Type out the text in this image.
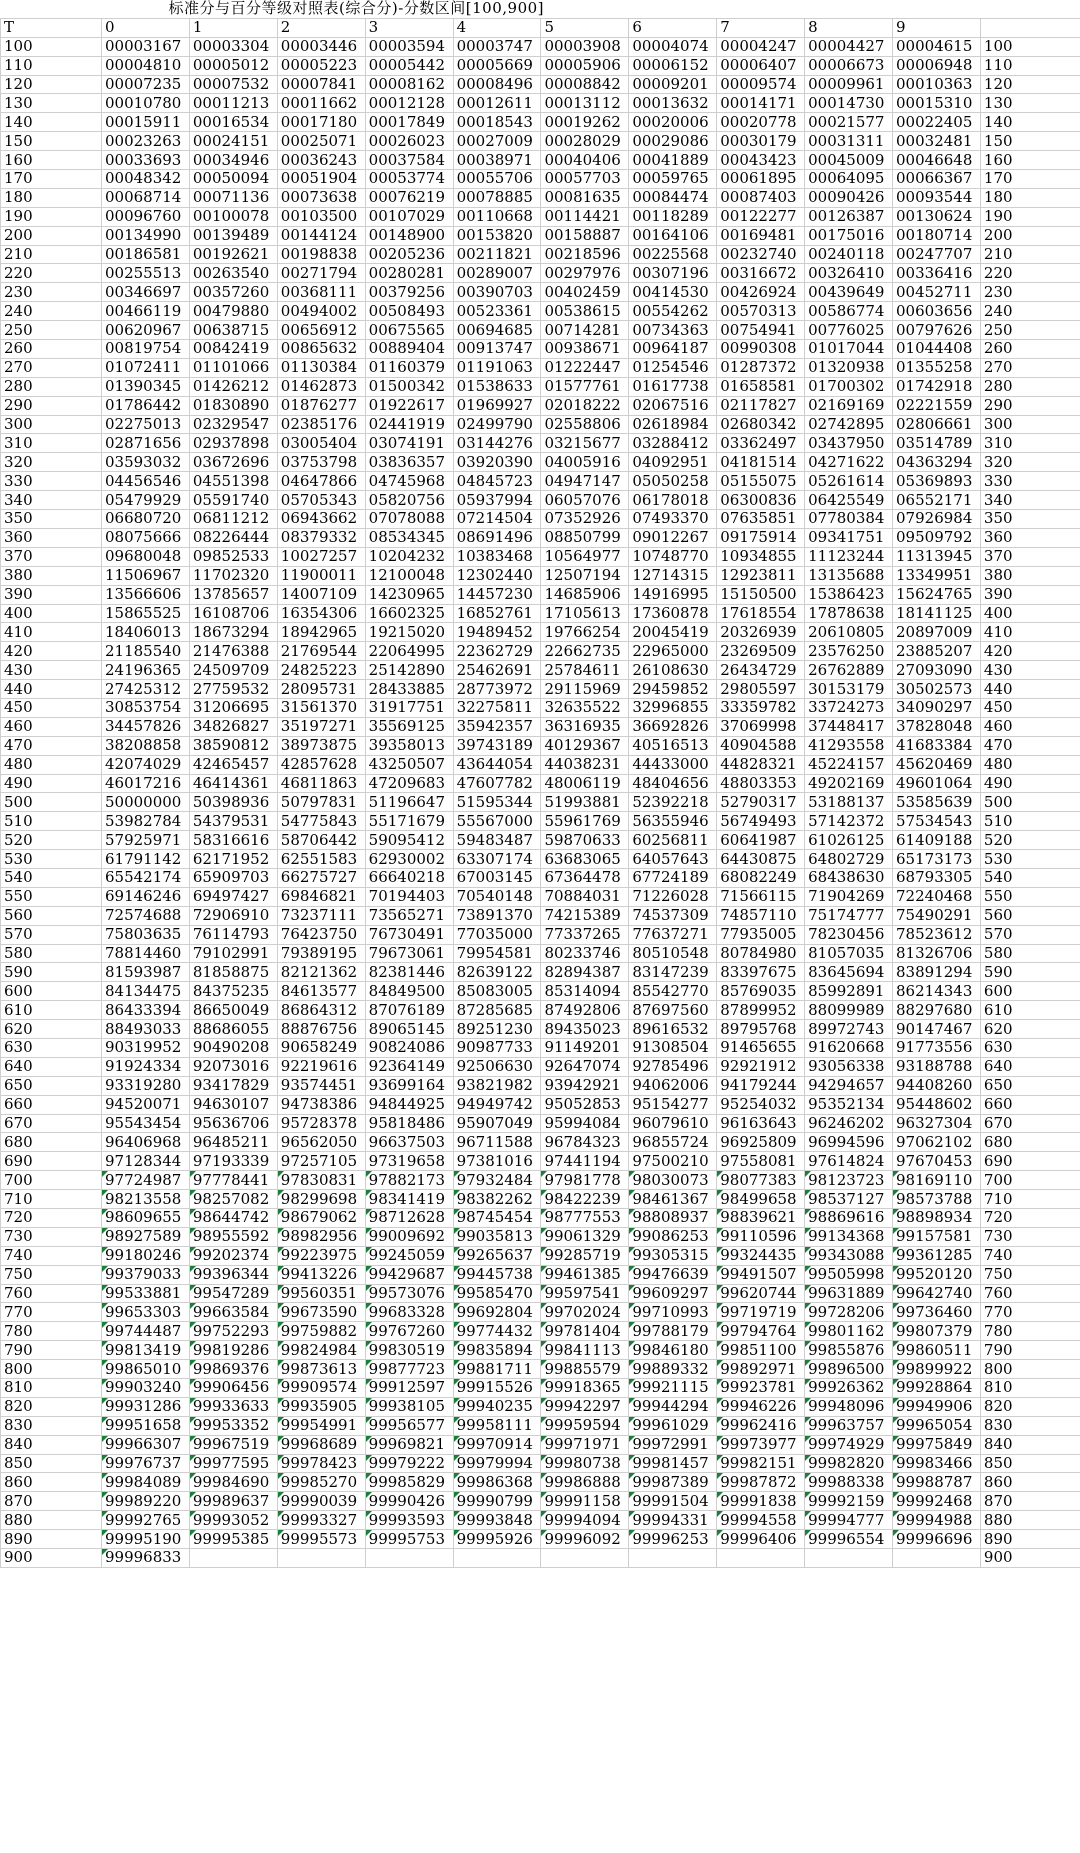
标准分与百分等级对照表(综合分)-分数区间[100,900]											
T	0	1	2	3	4	5	6	7	8	9	
100	00003167	00003304	00003446	00003594	00003747	00003908	00004074	00004247	00004427	00004615	100
110	00004810	00005012	00005223	00005442	00005669	00005906	00006152	00006407	00006673	00006948	110
120	00007235	00007532	00007841	00008162	00008496	00008842	00009201	00009574	00009961	00010363	120
130	00010780	00011213	00011662	00012128	00012611	00013112	00013632	00014171	00014730	00015310	130
140	00015911	00016534	00017180	00017849	00018543	00019262	00020006	00020778	00021577	00022405	140
150	00023263	00024151	00025071	00026023	00027009	00028029	00029086	00030179	00031311	00032481	150
160	00033693	00034946	00036243	00037584	00038971	00040406	00041889	00043423	00045009	00046648	160
170	00048342	00050094	00051904	00053774	00055706	00057703	00059765	00061895	00064095	00066367	170
180	00068714	00071136	00073638	00076219	00078885	00081635	00084474	00087403	00090426	00093544	180
190	00096760	00100078	00103500	00107029	00110668	00114421	00118289	00122277	00126387	00130624	190
200	00134990	00139489	00144124	00148900	00153820	00158887	00164106	00169481	00175016	00180714	200
210	00186581	00192621	00198838	00205236	00211821	00218596	00225568	00232740	00240118	00247707	210
220	00255513	00263540	00271794	00280281	00289007	00297976	00307196	00316672	00326410	00336416	220
230	00346697	00357260	00368111	00379256	00390703	00402459	00414530	00426924	00439649	00452711	230
240	00466119	00479880	00494002	00508493	00523361	00538615	00554262	00570313	00586774	00603656	240
250	00620967	00638715	00656912	00675565	00694685	00714281	00734363	00754941	00776025	00797626	250
260	00819754	00842419	00865632	00889404	00913747	00938671	00964187	00990308	01017044	01044408	260
270	01072411	01101066	01130384	01160379	01191063	01222447	01254546	01287372	01320938	01355258	270
280	01390345	01426212	01462873	01500342	01538633	01577761	01617738	01658581	01700302	01742918	280
290	01786442	01830890	01876277	01922617	01969927	02018222	02067516	02117827	02169169	02221559	290
300	02275013	02329547	02385176	02441919	02499790	02558806	02618984	02680342	02742895	02806661	300
310	02871656	02937898	03005404	03074191	03144276	03215677	03288412	03362497	03437950	03514789	310
320	03593032	03672696	03753798	03836357	03920390	04005916	04092951	04181514	04271622	04363294	320
330	04456546	04551398	04647866	04745968	04845723	04947147	05050258	05155075	05261614	05369893	330
340	05479929	05591740	05705343	05820756	05937994	06057076	06178018	06300836	06425549	06552171	340
350	06680720	06811212	06943662	07078088	07214504	07352926	07493370	07635851	07780384	07926984	350
360	08075666	08226444	08379332	08534345	08691496	08850799	09012267	09175914	09341751	09509792	360
370	09680048	09852533	10027257	10204232	10383468	10564977	10748770	10934855	11123244	11313945	370
380	11506967	11702320	11900011	12100048	12302440	12507194	12714315	12923811	13135688	13349951	380
390	13566606	13785657	14007109	14230965	14457230	14685906	14916995	15150500	15386423	15624765	390
400	15865525	16108706	16354306	16602325	16852761	17105613	17360878	17618554	17878638	18141125	400
410	18406013	18673294	18942965	19215020	19489452	19766254	20045419	20326939	20610805	20897009	410
420	21185540	21476388	21769544	22064995	22362729	22662735	22965000	23269509	23576250	23885207	420
430	24196365	24509709	24825223	25142890	25462691	25784611	26108630	26434729	26762889	27093090	430
440	27425312	27759532	28095731	28433885	28773972	29115969	29459852	29805597	30153179	30502573	440
450	30853754	31206695	31561370	31917751	32275811	32635522	32996855	33359782	33724273	34090297	450
460	34457826	34826827	35197271	35569125	35942357	36316935	36692826	37069998	37448417	37828048	460
470	38208858	38590812	38973875	39358013	39743189	40129367	40516513	40904588	41293558	41683384	470
480	42074029	42465457	42857628	43250507	43644054	44038231	44433000	44828321	45224157	45620469	480
490	46017216	46414361	46811863	47209683	47607782	48006119	48404656	48803353	49202169	49601064	490
500	50000000	50398936	50797831	51196647	51595344	51993881	52392218	52790317	53188137	53585639	500
510	53982784	54379531	54775843	55171679	55567000	55961769	56355946	56749493	57142372	57534543	510
520	57925971	58316616	58706442	59095412	59483487	59870633	60256811	60641987	61026125	61409188	520
530	61791142	62171952	62551583	62930002	63307174	63683065	64057643	64430875	64802729	65173173	530
540	65542174	65909703	66275727	66640218	67003145	67364478	67724189	68082249	68438630	68793305	540
550	69146246	69497427	69846821	70194403	70540148	70884031	71226028	71566115	71904269	72240468	550
560	72574688	72906910	73237111	73565271	73891370	74215389	74537309	74857110	75174777	75490291	560
570	75803635	76114793	76423750	76730491	77035000	77337265	77637271	77935005	78230456	78523612	570
580	78814460	79102991	79389195	79673061	79954581	80233746	80510548	80784980	81057035	81326706	580
590	81593987	81858875	82121362	82381446	82639122	82894387	83147239	83397675	83645694	83891294	590
600	84134475	84375235	84613577	84849500	85083005	85314094	85542770	85769035	85992891	86214343	600
610	86433394	86650049	86864312	87076189	87285685	87492806	87697560	87899952	88099989	88297680	610
620	88493033	88686055	88876756	89065145	89251230	89435023	89616532	89795768	89972743	90147467	620
630	90319952	90490208	90658249	90824086	90987733	91149201	91308504	91465655	91620668	91773556	630
640	91924334	92073016	92219616	92364149	92506630	92647074	92785496	92921912	93056338	93188788	640
650	93319280	93417829	93574451	93699164	93821982	93942921	94062006	94179244	94294657	94408260	650
660	94520071	94630107	94738386	94844925	94949742	95052853	95154277	95254032	95352134	95448602	660
670	95543454	95636706	95728378	95818486	95907049	95994084	96079610	96163643	96246202	96327304	670
680	96406968	96485211	96562050	96637503	96711588	96784323	96855724	96925809	96994596	97062102	680
690	97128344	97193339	97257105	97319658	97381016	97441194	97500210	97558081	97614824	97670453	690
700	97724987	97778441	97830831	97882173	97932484	97981778	98030073	98077383	98123723	98169110	700
710	98213558	98257082	98299698	98341419	98382262	98422239	98461367	98499658	98537127	98573788	710
720	98609655	98644742	98679062	98712628	98745454	98777553	98808937	98839621	98869616	98898934	720
730	98927589	98955592	98982956	99009692	99035813	99061329	99086253	99110596	99134368	99157581	730
740	99180246	99202374	99223975	99245059	99265637	99285719	99305315	99324435	99343088	99361285	740
750	99379033	99396344	99413226	99429687	99445738	99461385	99476639	99491507	99505998	99520120	750
760	99533881	99547289	99560351	99573076	99585470	99597541	99609297	99620744	99631889	99642740	760
770	99653303	99663584	99673590	99683328	99692804	99702024	99710993	99719719	99728206	99736460	770
780	99744487	99752293	99759882	99767260	99774432	99781404	99788179	99794764	99801162	99807379	780
790	99813419	99819286	99824984	99830519	99835894	99841113	99846180	99851100	99855876	99860511	790
800	99865010	99869376	99873613	99877723	99881711	99885579	99889332	99892971	99896500	99899922	800
810	99903240	99906456	99909574	99912597	99915526	99918365	99921115	99923781	99926362	99928864	810
820	99931286	99933633	99935905	99938105	99940235	99942297	99944294	99946226	99948096	99949906	820
830	99951658	99953352	99954991	99956577	99958111	99959594	99961029	99962416	99963757	99965054	830
840	99966307	99967519	99968689	99969821	99970914	99971971	99972991	99973977	99974929	99975849	840
850	99976737	99977595	99978423	99979222	99979994	99980738	99981457	99982151	99982820	99983466	850
860	99984089	99984690	99985270	99985829	99986368	99986888	99987389	99987872	99988338	99988787	860
870	99989220	99989637	99990039	99990426	99990799	99991158	99991504	99991838	99992159	99992468	870
880	99992765	99993052	99993327	99993593	99993848	99994094	99994331	99994558	99994777	99994988	880
890	99995190	99995385	99995573	99995753	99995926	99996092	99996253	99996406	99996554	99996696	890
900	99996833										900
